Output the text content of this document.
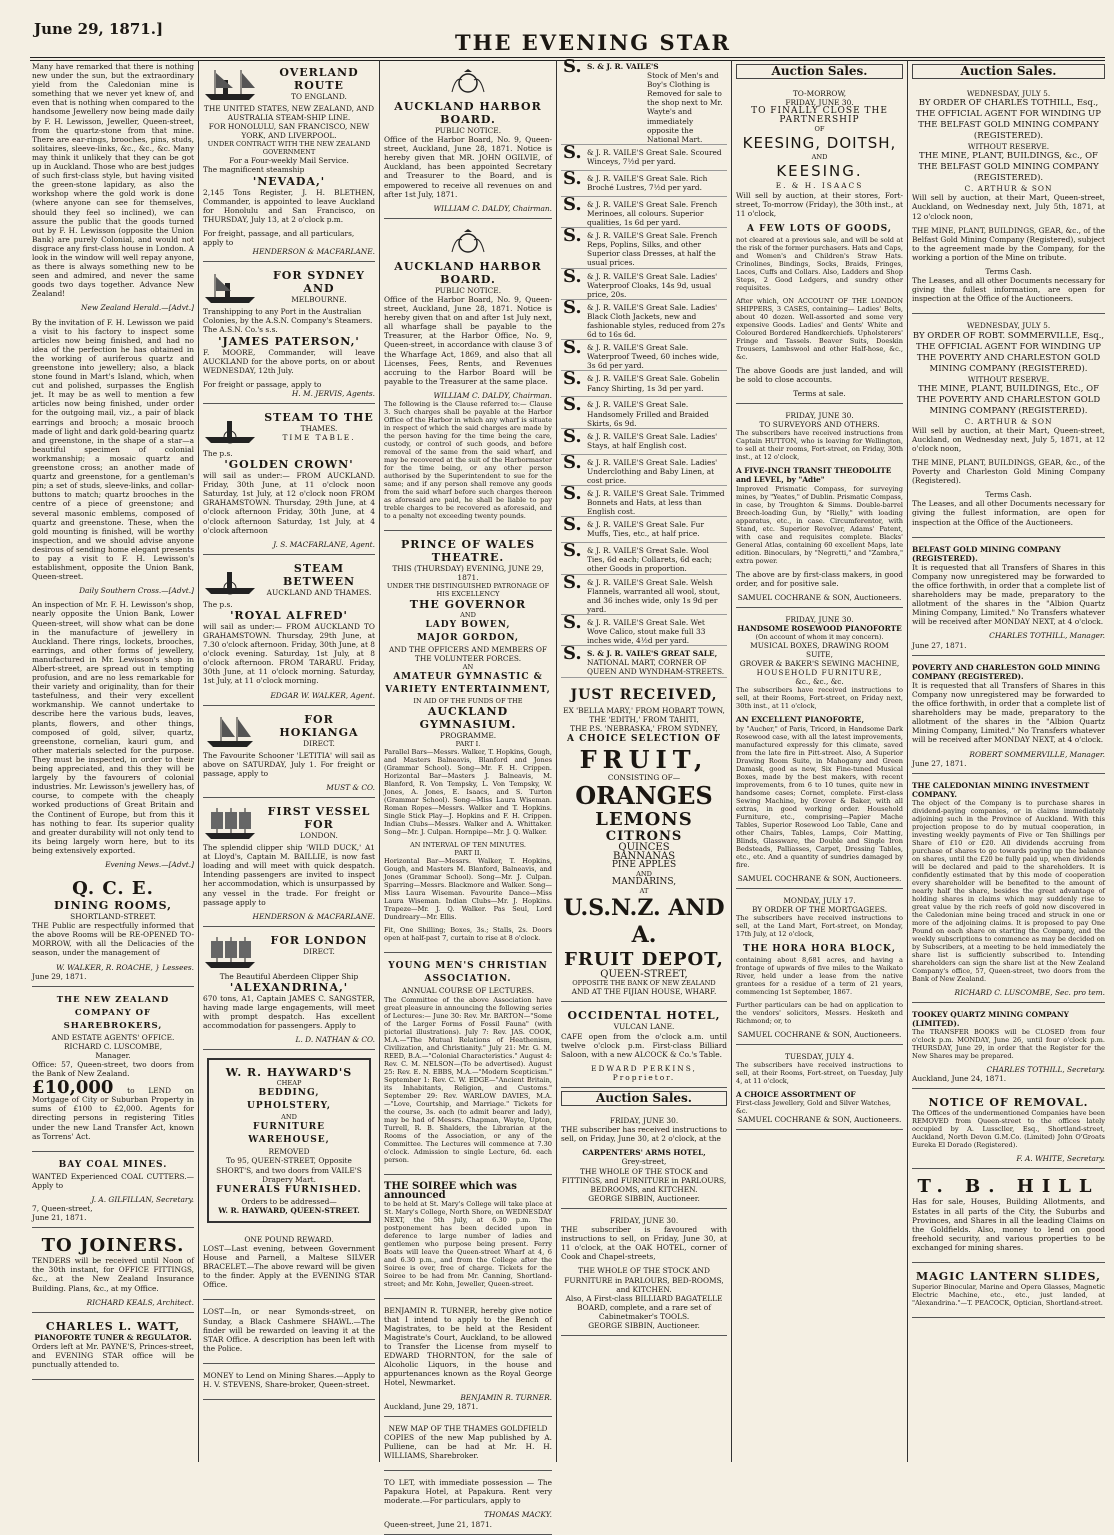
June 29, 1871.]
THE EVENING STAR

Many have remarked that there is nothing new under the sun, but the extraordinary yield from the Caledonian mine is something that we never yet knew of, and even that is nothing when compared to the handsome Jewellery now being made daily by F. H. Lewisson, Jeweller, Queen-street, from the quartz-stone from that mine. There are ear-rings, brooches, pins, studs, solitaires, sleeve-links, &c., &c., &c. Many may think it unlikely that they can be got up in Auckland. Those who are best judges of such first-class style, but having visited the green-stone lapidary, as also the workshop where the gold work is done (where anyone can see for themselves, should they feel so inclined), we can assure the public that the goods turned out by F. H. Lewisson (opposite the Union Bank) are purely Colonial, and would not disgrace any first-class house in London. A look in the window will well repay anyone, as there is always something new to be seen and admired, and never the same goods two days together. Advance New Zealand!

New Zealand Herald.—[Advt.]

By the invitation of F. H. Lewisson we paid a visit to his factory to inspect some articles now being finished, and had no idea of the perfection he has obtained in the working of auriferous quartz and greenstone into jewellery; also, a black stone found in Mart's Island, which, when cut and polished, surpasses the English jet. It may be as well to mention a few articles now being finished, under order for the outgoing mail, viz., a pair of black earrings and brooch; a mosaic brooch made of light and dark gold-bearing quartz and greenstone, in the shape of a star—a beautiful specimen of colonial workmanship; a mosaic quartz and greenstone cross; an another made of quartz and greenstone, for a gentleman's pin; a set of studs, sleeve-links, and collar-buttons to match; quartz brooches in the centre of a piece of greenstone; and several masonic emblems, composed of quartz and greenstone. These, when the gold mounting is finished, will be worthy inspection, and we should advise anyone desirous of sending home elegant presents to pay a visit to F. H. Lewisson's establishment, opposite the Union Bank, Queen-street.

Daily Southern Cross.—[Advt.]

An inspection of Mr. F. H. Lewisson's shop, nearly opposite the Union Bank, Lower Queen-street, will show what can be done in the manufacture of jewellery in Auckland. There rings, lockets, brooches, earrings, and other forms of jewellery, manufactured in Mr. Lewisson's shop in Albert-street, are spread out in tempting profusion, and are no less remarkable for their variety and originality, than for their tastefulness, and their very excellent workmanship. We cannot undertake to describe here the various buds, leaves, plants, flowers, and other things, composed of gold, silver, quartz, greenstone, cornelian, kauri gum, and other materials selected for the purpose. They must be inspected, in order to their being appreciated, and this they will be largely by the favourers of colonial industries. Mr. Lewisson's jewellery has, of course, to compete with the cheaply worked productions of Great Britain and the Continent of Europe, but from this it has nothing to fear. Its superior quality and greater durability will not only tend to its being largely worn here, but to its being extensively exported.

Evening News.—[Advt.]

Q. C. E.
DINING ROOMS,
SHORTLAND-STREET.

THE Public are respectfully informed that the above Rooms will be RE-OPENED TO-MORROW, with all the Delicacies of the season, under the management of

W. WALKER, R. ROACHE, } Lessees.
June 29, 1871.
THE NEW ZEALAND COMPANY OF SHAREBROKERS,
AND ESTATE AGENTS' OFFICE.
RICHARD C. LUSCOMBE,
Manager.

Office: 57, Queen-street, two doors from the Bank of New Zealand.

£10,000 to LEND on Mortgage of City or Suburban Property in sums of £100 to £2,000. Agents for directing persons in registering Titles under the new Land Transfer Act, known as Torrens' Act.

BAY COAL MINES.

WANTED Experienced COAL CUTTERS.—Apply to

J. A. GILFILLAN, Secretary.
7, Queen-street,
June 21, 1871.
TO JOINERS.

TENDERS will be received until Noon of the 30th instant, for OFFICE FITTINGS, &c., at the New Zealand Insurance Building. Plans, &c., at my Office.

RICHARD KEALS, Architect.
CHARLES L. WATT,
PIANOFORTE TUNER & REGULATOR.

Orders left at Mr. PAYNE'S, Princes-street, and EVENING STAR office will be punctually attended to.

OVERLAND ROUTE
TO ENGLAND.
THE UNITED STATES, NEW ZEALAND, AND AUSTRALIA STEAM-SHIP LINE.
FOR HONOLULU, SAN FRANCISCO, NEW YORK, AND LIVERPOOL.
UNDER CONTRACT WITH THE NEW ZEALAND GOVERNMENT
For a Four-weekly Mail Service.
The magnificent steamship
'NEVADA,'

2,145 Tons Register, J. H. BLETHEN, Commander, is appointed to leave Auckland for Honolulu and San Francisco, on THURSDAY, July 13, at 2 o'clock p.m.

For freight, passage, and all particulars, apply to
HENDERSON & MACFARLANE.
FOR SYDNEY AND
MELBOURNE.
Transhipping to any Port in the Australian Colonies, by the A.S.N. Company's Steamers.
The A.S.N. Co.'s s.s.
'JAMES PATERSON,'

F. MOORE, Commander, will leave AUCKLAND for the above ports, on or about WEDNESDAY, 12th July.

For freight or passage, apply to
H. M. JERVIS, Agents.
STEAM TO THE
THAMES.
TIME TABLE.
The p.s.
'GOLDEN CROWN'

will sail as under:— FROM AUCKLAND. Friday, 30th June, at 11 o'clock noon Saturday, 1st July, at 12 o'clock noon FROM GRAHAMSTOWN. Thursday, 29th June, at 4 o'clock afternoon Friday, 30th June, at 4 o'clock afternoon Saturday, 1st July, at 4 o'clock afternoon

J. S. MACFARLANE, Agent.
STEAM BETWEEN
AUCKLAND AND THAMES.
The p.s.
'ROYAL ALFRED'

will sail as under:— FROM AUCKLAND TO GRAHAMSTOWN. Thursday, 29th June, at 7.30 o'clock afternoon. Friday, 30th June, at 8 o'clock evening. Saturday, 1st July, at 8 o'clock afternoon. FROM TARARU. Friday, 30th June, at 11 o'clock morning. Saturday, 1st July, at 11 o'clock morning.

EDGAR W. WALKER, Agent.
FOR HOKIANGA
DIRECT.

The Favourite Schooner 'LETITIA' will sail as above on SATURDAY, July 1. For freight or passage, apply to

MUST & CO.
FIRST VESSEL FOR
LONDON.

The splendid clipper ship 'WILD DUCK,' A1 at Lloyd's, Captain M. BAILLIE, is now fast loading and will meet with quick despatch. Intending passengers are invited to inspect her accommodation, which is unsurpassed by any vessel in the trade. For freight or passage apply to

HENDERSON & MACFARLANE.
FOR LONDON
DIRECT.
The Beautiful Aberdeen Clipper Ship
'ALEXANDRINA,'

670 tons, A1, Captain JAMES C. SANGSTER, having made large engagements, will meet with prompt despatch. Has excellent accommodation for passengers. Apply to

L. D. NATHAN & CO.
W. R. HAYWARD'S
CHEAP
BEDDING, UPHOLSTERY,
AND
FURNITURE WAREHOUSE,
REMOVED
To 95, QUEEN-STREET, Opposite SHORT'S, and two doors from VAILE'S Drapery Mart.
FUNERALS FURNISHED.
Orders to be addressed—
W. R. HAYWARD, QUEEN-STREET.
ONE POUND REWARD.

LOST—Last evening, between Government House and Parnell, a Maltese SILVER BRACELET.—The above reward will be given to the finder. Apply at the EVENING STAR Office.

LOST—In, or near Symonds-street, on Sunday, a Black Cashmere SHAWL.—The finder will be rewarded on leaving it at the STAR Office. A description has been left with the Police.

MONEY to Lend on Mining Shares.—Apply to H. V. STEVENS, Share-broker, Queen-street.

AUCKLAND HARBOR BOARD.
PUBLIC NOTICE.

Office of the Harbor Board, No. 9, Queen-street, Auckland, June 28, 1871. Notice is hereby given that MR. JOHN OGILVIE, of Auckland, has been appointed Secretary and Treasurer to the Board, and is empowered to receive all revenues on and after 1st July, 1871.

WILLIAM C. DALDY, Chairman.
AUCKLAND HARBOR BOARD.
PUBLIC NOTICE.

Office of the Harbor Board, No. 9, Queen-street, Auckland, June 28, 1871. Notice is hereby given that on and after 1st July next, all wharfage shall be payable to the Treasurer, at the Harbor Office, No. 9, Queen-street, in accordance with clause 3 of the Wharfage Act, 1869, and also that all Licenses, Fees, Rents, and Revenues accruing to the Harbor Board will be payable to the Treasurer at the same place.

WILLIAM C. DALDY, Chairman.

The following is the Clause referred to:— Clause 3. Such charges shall be payable at the Harbor Office of the Harbor in which any wharf is situate in respect of which the said charges are made by the person having for the time being the care, custody, or control of such goods, and before removal of the same from the said wharf, and may be recovered at the suit of the Harbormaster for the time being, or any other person authorised by the Superintendent to sue for the same; and if any person shall remove any goods from the said wharf before such charges thereon as aforesaid are paid, he shall be liable to pay treble charges to be recovered as aforesaid, and to a penalty not exceeding twenty pounds.

PRINCE OF WALES THEATRE.
THIS (THURSDAY) EVENING, JUNE 29, 1871.
UNDER THE DISTINGUISHED PATRONAGE OF HIS EXCELLENCY
THE GOVERNOR
AND
LADY BOWEN,
MAJOR GORDON,
AND THE OFFICERS AND MEMBERS OF THE VOLUNTEER FORCES.
AN
AMATEUR GYMNASTIC & VARIETY ENTERTAINMENT,
IN AID OF THE FUNDS OF THE
AUCKLAND GYMNASIUM.
PROGRAMME.
PART I.

Parallel Bars—Messrs. Walker, T. Hopkins, Gough, and Masters Balneavis, Blanford and Jones (Grammar School). Song—Mr. F. H. Crippen. Horizontal Bar—Masters J. Balneavis, M. Blanford, R. Von Tempsky, L. Von Tempsky, W. Jones, A. Jones, E. Isaacs, and S. Turton (Grammar School). Song—Miss Laura Wiseman. Roman Ropes—Messrs. Walker and T. Hopkins. Single Stick Play—J. Hopkins and F. H. Crippen. Indian Clubs—Messrs. Walker and A. Whittaker. Song—Mr. J. Culpan. Hornpipe—Mr. J. Q. Walker.

AN INTERVAL OF TEN MINUTES.
PART II.

Horizontal Bar—Messrs. Walker, T. Hopkins, Gough, and Masters M. Blanford, Balneavis, and Jones (Grammar School). Song—Mr. J. Culpan. Sparring—Messrs. Blackmore and Walker. Song—Miss Laura Wiseman. Favourite Dance—Miss Laura Wiseman. Indian Clubs—Mr. J. Hopkins. Trapeze—Mr. J. Q. Walker. Pas Seul, Lord Dundreary—Mr. Ellis.

Fit, One Shilling; Boxes, 3s.; Stalls, 2s. Doors open at half-past 7, curtain to rise at 8 o'clock.

YOUNG MEN'S CHRISTIAN ASSOCIATION.
ANNUAL COURSE OF LECTURES.

The Committee of the above Association have great pleasure in announcing the following series of Lectures:— June 30: Rev. Mr. BARTON—"Some of the Larger Forms of Fossil Fauna" (with pictorial illustrations). July 7: Rev. JAS. COOK, M.A.—"The Mutual Relations of Heathenism, Civilization, and Christianity." July 21: Mr. G. M. REED, B.A.—"Colonial Characteristics." August 4: Rev. C. M. NELSON—(To be advertised). August 25: Rev. E. N. EBBS, M.A.—"Modern Scepticism." September 1: Rev. C. W. EDGE—"Ancient Britain, its Inhabitants, Religion, and Customs." September 29: Rev. WARLOW DAVIES, M.A.—"Love, Courtship, and Marriage." Tickets for the course, 3s. each (to admit bearer and lady), may be had of Messrs. Chapman, Wayte, Upton, Turrell, R. B. Shalders, the Librarian at the Rooms of the Association, or any of the Committee. The Lectures will commence at 7.30 o'clock. Admission to single Lecture, 6d. each person.

THE SOIREE which was announced

to be held at St. Mary's College will take place at St. Mary's College, North Shore, on WEDNESDAY NEXT, the 5th July, at 6.30 p.m. The postponement has been decided upon in deference to large number of ladies and gentlemen who purpose being present. Ferry Boats will leave the Queen-street Wharf at 4, 6 and 6.30 p.m., and from the College after the Soiree is over, free of charge. Tickets for the Soiree to be had from Mr. Canning, Shortland-street; and Mr. Kohn, Jeweller, Queen-street.

BENJAMIN R. TURNER, hereby give notice that I intend to apply to the Bench of Magistrates, to be held at the Resident Magistrate's Court, Auckland, to be allowed to Transfer the License from myself to EDWARD THORNTON, for the sale of Alcoholic Liquors, in the house and appurtenances known as the Royal George Hotel, Newmarket.

BENJAMIN R. TURNER.
Auckland, June 29, 1871.
NEW MAP OF THE THAMES GOLDFIELD

COPIES of the new Map published by A. Pulliene, can be had at Mr. H. H. WILLIAMS, Sharebroker.

TO LET, with immediate possession — The Papakura Hotel, at Papakura. Rent very moderate.—For particulars, apply to

THOMAS MACKY.
Queen-street, June 21, 1871.
S. S. & J. R. VAILE'S
Stock of Men's and Boy's Clothing is Removed for sale to the shop next to Mr. Wayte's and immediately opposite the National Mart.
S. & J. R. VAILE'S Great Sale. Scoured Winceys, 7½d per yard.
S. & J. R. VAILE'S Great Sale. Rich Broché Lustres, 7½d per yard.
S. & J. R. VAILE'S Great Sale. French Merinoes, all colours. Superior qualities, 1s 6d per yard.
S. & J. R. VAILE'S Great Sale. French Reps, Poplins, Silks, and other Superior class Dresses, at half the usual prices.
S. & J. R. VAILE'S Great Sale. Ladies' Waterproof Cloaks, 14s 9d, usual price, 20s.
S. & J. R. VAILE'S Great Sale. Ladies' Black Cloth Jackets, new and fashionable styles, reduced from 27s 6d to 16s 6d.
S. & J. R. VAILE'S Great Sale. Waterproof Tweed, 60 inches wide, 3s 6d per yard.
S. & J. R. VAILE'S Great Sale. Gobelin Fancy Shirting, 1s 3d per yard.
S. & J. R. VAILE'S Great Sale. Handsomely Frilled and Braided Skirts, 6s 9d.
S. & J. R. VAILE'S Great Sale. Ladies' Stays, at half English cost.
S. & J. R. VAILE'S Great Sale. Ladies' Underclothing and Baby Linen, at cost price.
S. & J. R. VAILE'S Great Sale. Trimmed Bonnets and Hats, at less than English cost.
S. & J. R. VAILE'S Great Sale. Fur Muffs, Ties, etc., at half price.
S. & J. R. VAILE'S Great Sale. Wool Ties, 6d each; Collarets, 6d each; other Goods in proportion.
S. & J. R. VAILE'S Great Sale. Welsh Flannels, warranted all wool, stout, and 36 inches wide, only 1s 9d per yard.
S. & J. R. VAILE'S Great Sale. Wet Wove Calico, stout make full 33 inches wide, 4½d per yard.
S. S. & J. R. VAILE'S GREAT SALE,
NATIONAL MART, CORNER OF QUEEN AND WYNDHAM-STREETS.
JUST RECEIVED,
EX 'BELLA MARY,' FROM HOBART TOWN,
THE 'EDITH,' FROM TAHITI,
THE P.S. 'NEBRASKA,' FROM SYDNEY,
A CHOICE SELECTION OF
FRUIT,
CONSISTING OF—
ORANGES
LEMONS
CITRONS
QUINCES
BANNANAS
PINE APPLES
AND
MANDARINS,
AT
U.S.N.Z. AND A.
FRUIT DEPOT,
QUEEN-STREET,
OPPOSITE THE BANK OF NEW ZEALAND
AND AT THE FIJIAN HOUSE, WHARF.
OCCIDENTAL HOTEL,
VULCAN LANE.

CAFE open from the o'clock a.m. until twelve o'clock p.m. First-class Billiard Saloon, with a new ALCOCK & Co.'s Table.

EDWARD PERKINS, Proprietor.
Auction Sales.
FRIDAY, JUNE 30.

THE subscriber has received instructions to sell, on Friday, June 30, at 2 o'clock, at the

CARPENTERS' ARMS HOTEL,
Grey-street,
THE WHOLE OF THE STOCK and FITTINGS, and FURNITURE in PARLOURS, BEDROOMS, and KITCHEN.
GEORGE SIBBIN, Auctioneer.
FRIDAY, JUNE 30.

THE subscriber is favoured with instructions to sell, on Friday, June 30, at 11 o'clock, at the OAK HOTEL, corner of Cook and Chapel-streets,

THE WHOLE OF THE STOCK AND FURNITURE in PARLOURS, BED-ROOMS, and KITCHEN.
Also, A First-class BILLIARD BAGATELLE BOARD, complete, and a rare set of Cabinetmaker's TOOLS.
GEORGE SIBBIN, Auctioneer.
Auction Sales.
TO-MORROW,
FRIDAY, JUNE 30.
TO FINALLY CLOSE THE PARTNERSHIP
OF
KEESING, DOITSH,
AND
KEESING.
E. & H. ISAACS

Will sell by auction, at their stores, Fort-street, To-morrow (Friday), the 30th inst., at 11 o'clock,

A FEW LOTS OF GOODS,

not cleared at a previous sale, and will be sold at the risk of the former purchasers. Hats and Caps, and Women's and Children's Straw Hats. Crinolines, Bindings, Socks, Braids, Fringes, Laces, Cuffs and Collars. Also, Ladders and Shop Steps, 2 Good Ledgers, and sundry other requisites.

After which, ON ACCOUNT OF THE LONDON SHIPPERS, 3 CASES, containing— Ladies' Belts, about 40 dozen. Well-assorted and some very expensive Goods. Ladies' and Gents' White and Coloured Bordered Handkerchiefs. Upholsterers' Fringe and Tassels. Beaver Suits, Doeskin Trousers, Lambswool and other Half-hose, &c., &c.

The above Goods are just landed, and will be sold to close accounts.

Terms at sale.
FRIDAY, JUNE 30.
TO SURVEYORS AND OTHERS.

The subscribers have received instructions from Captain HUTTON, who is leaving for Wellington, to sell at their rooms, Fort-street, on Friday, 30th inst., at 12 o'clock,

A FIVE-INCH TRANSIT THEODOLITE and LEVEL, by "Adie"

Improved Prismatic Compass, for surveying mines, by "Yeates," of Dublin. Prismatic Compass, in case, by Troughton & Simms. Double-barrel Breech-loading Gun, by "Rielly," with loading apparatus, etc., in case. Circumferentor, with Stand, etc. Superior Revolver, Adams' Patent, with case and requisites complete. Blacks' General Atlas, containing 60 excellent Maps, late edition. Binoculars, by "Negretti," and "Zambra," extra power.

The above are by first-class makers, in good order, and for positive sale.

SAMUEL COCHRANE & SON, Auctioneers.
FRIDAY, JUNE 30.
HANDSOME ROSEWOOD PIANOFORTE
(On account of whom it may concern).
MUSICAL BOXES, DRAWING ROOM SUITE,
GROVER & BAKER'S SEWING MACHINE,
HOUSEHOLD FURNITURE,
&c., &c., &c.

The subscribers have received instructions to sell, at their Rooms, Fort-street, on Friday next, 30th inst., at 11 o'clock,

AN EXCELLENT PIANOFORTE,

by "Aucher," of Paris, Tricord, in Handsome Dark Rosewood case, with all the latest improvements, manufactured expressly for this climate, saved from the late fire in Pitt-street. Also, A Superior Drawing Room Suite, in Mahogany and Green Damask, good as new, Six Fine-tuned Musical Boxes, made by the best makers, with recent improvements, from 6 to 10 tunes, quite new in handsome cases; Cornet, complete. First-class Sewing Machine, by Grover & Baker, with all extras, in good working order. Household Furniture, etc., comprising—Papier Mache Tables, Superior Rosewood Loo Table, Cane and other Chairs, Tables, Lamps, Coir Matting, Blinds, Glassware, the Double and Single Iron Bedsteads, Palliasses, Carpet, Dressing Tables, etc., etc. And a quantity of sundries damaged by fire.

SAMUEL COCHRANE & SON, Auctioneers.
MONDAY, JULY 17.
BY ORDER OF THE MORTGAGEES.

The subscribers have received instructions to sell, at the Land Mart, Fort-street, on Monday, 17th July, at 12 o'clock,

THE HORA HORA BLOCK,

containing about 8,681 acres, and having a frontage of upwards of five miles to the Waikato River, held under a lease from the native grantees for a residue of a term of 21 years, commencing 1st September, 1867.

Further particulars can be had on application to the vendors' solicitors, Messrs. Hesketh and Richmond; or, to

SAMUEL COCHRANE & SON, Auctioneers.
TUESDAY, JULY 4.

The subscribers have received instructions to sell, at their Rooms, Fort-street, on Tuesday, July 4, at 11 o'clock,

A CHOICE ASSORTMENT OF
First-class Jewellery, Gold and Silver Watches, &c.
SAMUEL COCHRANE & SON, Auctioneers.
Auction Sales.
WEDNESDAY, JULY 5.
BY ORDER OF CHARLES TOTHILL, Esq., THE OFFICIAL AGENT FOR WINDING UP THE BELFAST GOLD MINING COMPANY (REGISTERED).
WITHOUT RESERVE.
THE MINE, PLANT, BUILDINGS, &c., OF THE BELFAST GOLD MINING COMPANY (REGISTERED).
C. ARTHUR & SON

Will sell by auction, at their Mart, Queen-street, Auckland, on Wednesday next, July 5th, 1871, at 12 o'clock noon,

THE MINE, PLANT, BUILDINGS, GEAR, &c., of the Belfast Gold Mining Company (Registered), subject to the agreement made by the Company, for the working a portion of the Mine on tribute.

Terms Cash.

The Leases, and all other Documents necessary for giving the fullest information, are open for inspection at the Office of the Auctioneers.

WEDNESDAY, JULY 5.
BY ORDER OF ROBT. SOMMERVILLE, Esq., THE OFFICIAL AGENT FOR WINDING UP THE POVERTY AND CHARLESTON GOLD MINING COMPANY (REGISTERED).
WITHOUT RESERVE.
THE MINE, PLANT, BUILDINGS, Etc., OF THE POVERTY AND CHARLESTON GOLD MINING COMPANY (REGISTERED).
C. ARTHUR & SON

Will sell by auction, at their Mart, Queen-street, Auckland, on Wednesday next, July 5, 1871, at 12 o'clock noon,

THE MINE, PLANT, BUILDINGS, GEAR, &c., of the Poverty and Charleston Gold Mining Company (Registered).

Terms Cash.

The Leases, and all other Documents necessary for giving the fullest information, are open for inspection at the Office of the Auctioneers.

BELFAST GOLD MINING COMPANY (REGISTERED).

It is requested that all Transfers of Shares in this Company now unregistered may be forwarded to the office forthwith, in order that a complete list of shareholders may be made, preparatory to the allotment of the shares in the "Albion Quartz Mining Company, Limited." No Transfers whatever will be received after MONDAY NEXT, at 4 o'clock.

CHARLES TOTHILL, Manager.
June 27, 1871.
POVERTY AND CHARLESTON GOLD MINING COMPANY (REGISTERED).

It is requested that all Transfers of Shares in this Company now unregistered may be forwarded to the office forthwith, in order that a complete list of shareholders may be made, preparatory to the allotment of the shares in the "Albion Quartz Mining Company, Limited." No Transfers whatever will be received after MONDAY NEXT, at 4 o'clock.

ROBERT SOMMERVILLE, Manager.
June 27, 1871.
THE CALEDONIAN MINING INVESTMENT COMPANY.

The object of the Company is to purchase shares in dividend-paying companies, or in claims immediately adjoining such in the Province of Auckland. With this projection propose to do by mutual cooperation, in investing weekly payments of Five or Ten Shillings per Share of £10 or £20. All dividends accruing from purchase of shares to go towards paying up the balance on shares, until the £20 be fully paid up, when dividends will be declared and paid to the shareholders. It is confidently estimated that by this mode of cooperation every shareholder will be benefited to the amount of nearly half the share, besides the great advantage of holding shares in claims which may suddenly rise to great value by the rich reefs of gold now discovered in the Caledonian mine being traced and struck in one or more of the adjoining claims. It is proposed to pay One Pound on each share on starting the Company, and the weekly subscriptions to commence as may be decided on by Subscribers, at a meeting to be held immediately the share list is sufficiently subscribed to. Intending shareholders can sign the share list at the New Zealand Company's office, 57, Queen-street, two doors from the Bank of New Zealand.

RICHARD C. LUSCOMBE, Sec. pro tem.
TOOKEY QUARTZ MINING COMPANY (LIMITED).

The TRANSFER BOOKS will be CLOSED from four o'clock p.m. MONDAY, June 26, until four o'clock p.m. THURSDAY, June 29, in order that the Register for the New Shares may be prepared.

CHARLES TOTHILL, Secretary.
Auckland, June 24, 1871.
NOTICE OF REMOVAL.

The Offices of the undermentioned Companies have been REMOVED from Queen-street to the offices lately occupied by A. Lusscller, Esq., Shortland-street, Auckland, North Devon G.M.Co. (Limited) John O'Groats Eureka El Dorado (Registered).

F. A. WHITE, Secretary.
T. B. HILL

Has for sale, Houses, Building Allotments, and Estates in all parts of the City, the Suburbs and Provinces, and Shares in all the leading Claims on the Goldfields. Also, money to lend on good freehold security, and various properties to be exchanged for mining shares.

MAGIC LANTERN SLIDES,

Superior Binocular, Marine and Opera Glasses, Magnetic Electric Machine, etc., etc., just landed, at "Alexandrina."—T. PEACOCK, Optician, Shortland-street.
